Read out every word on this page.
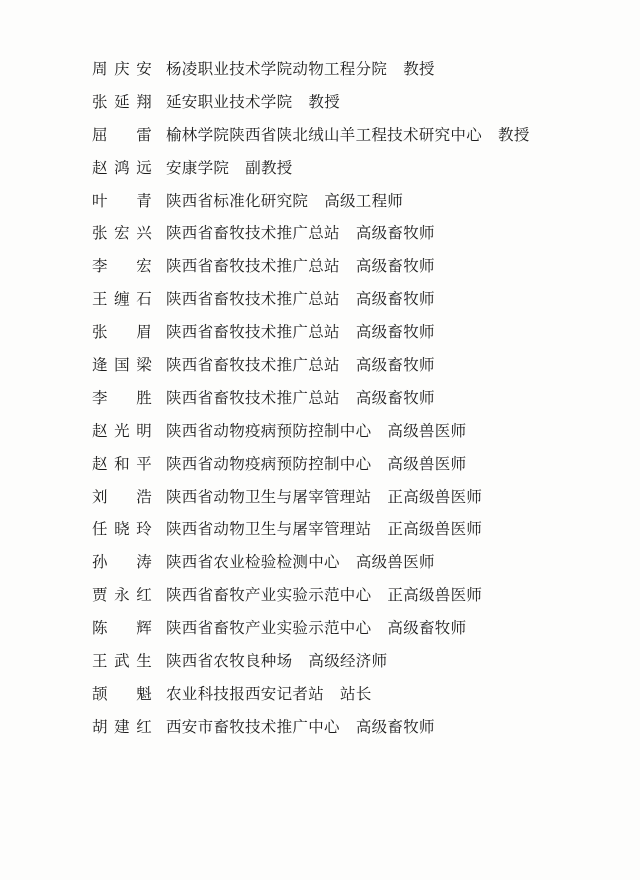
周庆安 杨凌职业技术学院动物工程分院 教授
张延翔 延安职业技术学院 教授
屈　雷 榆林学院陕西省陕北绒山羊工程技术研究中心 教授
赵鸿远 安康学院 副教授
叶　青 陕西省标准化研究院 高级工程师
张宏兴 陕西省畜牧技术推广总站 高级畜牧师
李　宏 陕西省畜牧技术推广总站 高级畜牧师
王缠石 陕西省畜牧技术推广总站 高级畜牧师
张　眉 陕西省畜牧技术推广总站 高级畜牧师
逄国梁 陕西省畜牧技术推广总站 高级畜牧师
李　胜 陕西省畜牧技术推广总站 高级畜牧师
赵光明 陕西省动物疫病预防控制中心 高级兽医师
赵和平 陕西省动物疫病预防控制中心 高级兽医师
刘　浩 陕西省动物卫生与屠宰管理站 正高级兽医师
任晓玲 陕西省动物卫生与屠宰管理站 正高级兽医师
孙　涛 陕西省农业检验检测中心 高级兽医师
贾永红 陕西省畜牧产业实验示范中心 正高级兽医师
陈　辉 陕西省畜牧产业实验示范中心 高级畜牧师
王武生 陕西省农牧良种场 高级经济师
颉　魁 农业科技报西安记者站 站长
胡建红 西安市畜牧技术推广中心 高级畜牧师
